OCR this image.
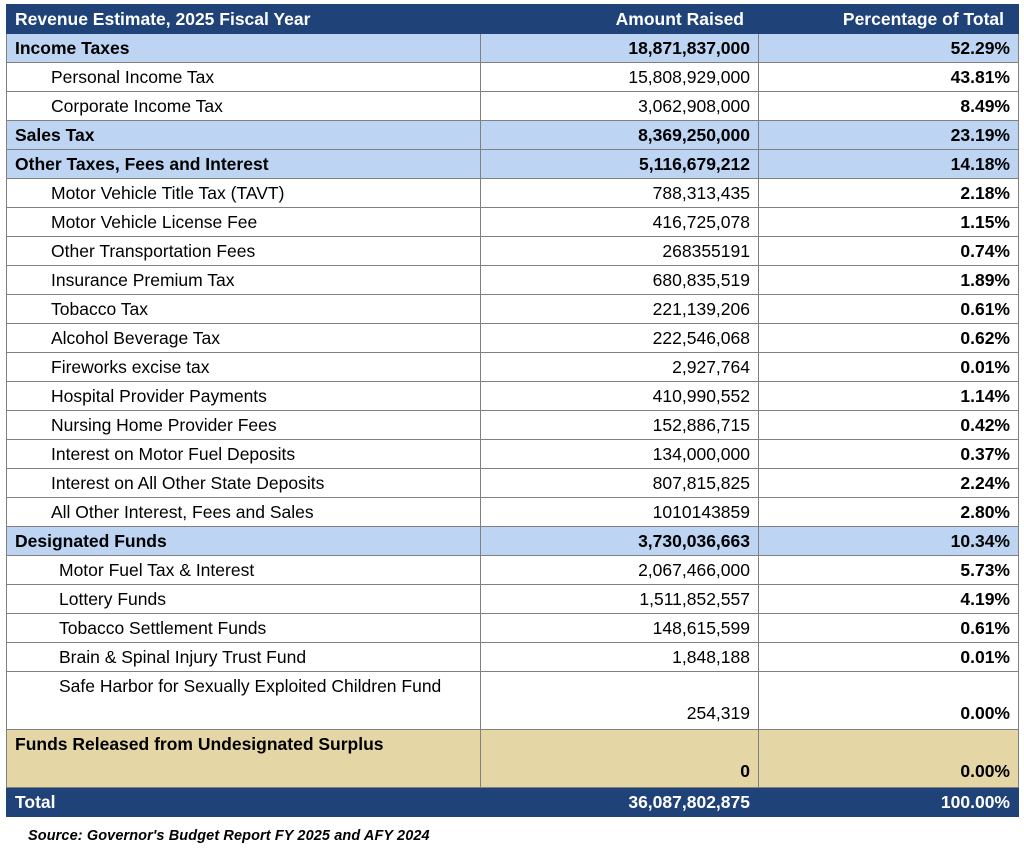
Revenue Estimate, 2025 Fiscal Year	Amount Raised	Percentage of Total
Income Taxes	18,871,837,000	52.29%
Personal Income Tax	15,808,929,000	43.81%
Corporate Income Tax	3,062,908,000	8.49%
Sales Tax	8,369,250,000	23.19%
Other Taxes, Fees and Interest	5,116,679,212	14.18%
Motor Vehicle Title Tax (TAVT)	788,313,435	2.18%
Motor Vehicle License Fee	416,725,078	1.15%
Other Transportation Fees	268355191	0.74%
Insurance Premium Tax	680,835,519	1.89%
Tobacco Tax	221,139,206	0.61%
Alcohol Beverage Tax	222,546,068	0.62%
Fireworks excise tax	2,927,764	0.01%
Hospital Provider Payments	410,990,552	1.14%
Nursing Home Provider Fees	152,886,715	0.42%
Interest on Motor Fuel Deposits	134,000,000	0.37%
Interest on All Other State Deposits	807,815,825	2.24%
All Other Interest, Fees and Sales	1010143859	2.80%
Designated Funds	3,730,036,663	10.34%
Motor Fuel Tax & Interest	2,067,466,000	5.73%
Lottery Funds	1,511,852,557	4.19%
Tobacco Settlement Funds	148,615,599	0.61%
Brain & Spinal Injury Trust Fund	1,848,188	0.01%
Safe Harbor for Sexually Exploited Children Fund	254,319	0.00%
Funds Released from Undesignated Surplus	0	0.00%
Total	36,087,802,875	100.00%
Source: Governor's Budget Report FY 2025 and AFY 2024
